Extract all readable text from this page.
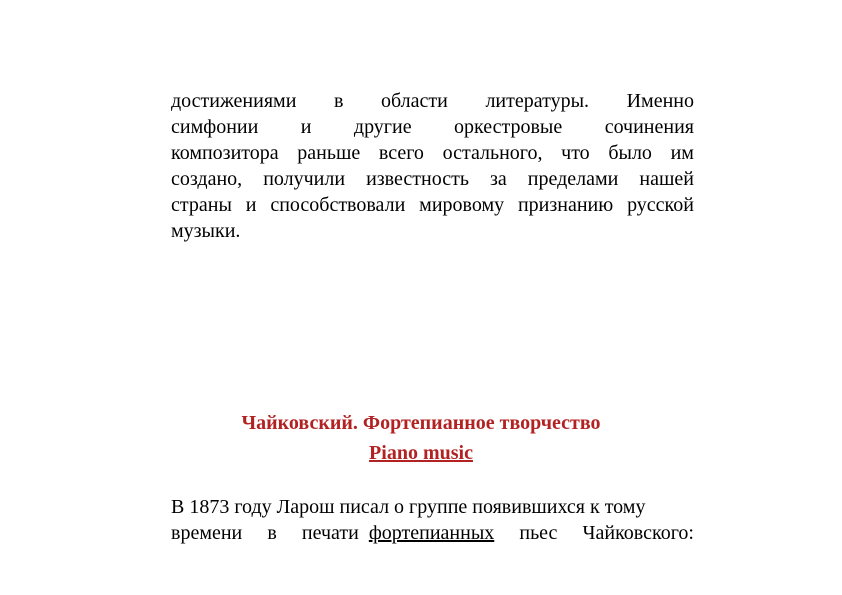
достижениями в области литературы. Именно
симфонии и другие оркестровые сочинения
композитора раньше всего остального, что было им
создано, получили известность за пределами нашей
страны и способствовали мировому признанию русской
музыки.
Чайковский. Фортепианное творчество
Piano music
В 1873 году Ларош писал о группе появившихся к тому
времени в печати фортепианных пьес Чайковского:
